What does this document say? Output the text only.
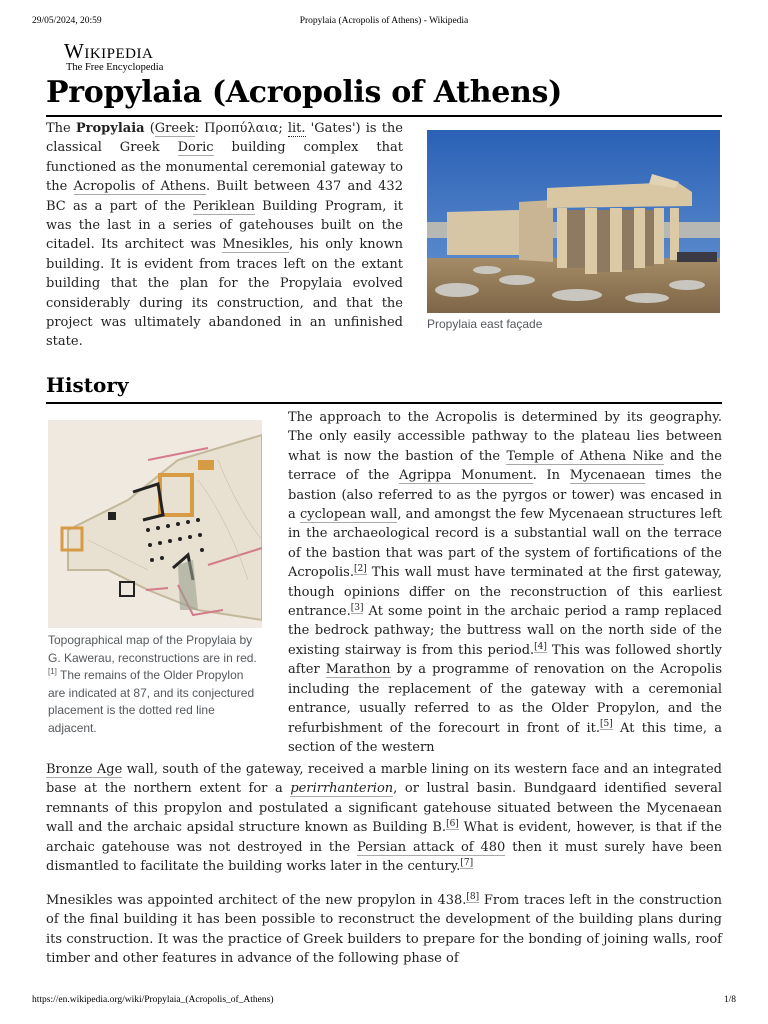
29/05/2024, 20:59	Propylaia (Acropolis of Athens) - Wikipedia
Wikipedia
The Free Encyclopedia
Propylaia (Acropolis of Athens)

The Propylaia (Greek: Προπύλαια; lit. 'Gates') is the classical Greek Doric building complex that functioned as the monumental ceremonial gateway to the Acropolis of Athens. Built between 437 and 432 BC as a part of the Periklean Building Program, it was the last in a series of gatehouses built on the citadel. Its architect was Mnesikles, his only known building. It is evident from traces left on the extant building that the plan for the Propylaia evolved considerably during its construction, and that the project was ultimately abandoned in an unfinished state.

Propylaia east façade
History
Topographical map of the Propylaia by G. Kawerau, reconstructions are in red.[1] The remains of the Older Propylon are indicated at 87, and its conjectured placement is the dotted red line adjacent.

The approach to the Acropolis is determined by its geography. The only easily accessible pathway to the plateau lies between what is now the bastion of the Temple of Athena Nike and the terrace of the Agrippa Monument. In Mycenaean times the bastion (also referred to as the pyrgos or tower) was encased in a cyclopean wall, and amongst the few Mycenaean structures left in the archaeological record is a substantial wall on the terrace of the bastion that was part of the system of fortifications of the Acropolis.[2] This wall must have terminated at the first gateway, though opinions differ on the reconstruction of this earliest entrance.[3] At some point in the archaic period a ramp replaced the bedrock pathway; the buttress wall on the north side of the existing stairway is from this period.[4] This was followed shortly after Marathon by a programme of renovation on the Acropolis including the replacement of the gateway with a ceremonial entrance, usually referred to as the Older Propylon, and the refurbishment of the forecourt in front of it.[5] At this time, a section of the western

Bronze Age wall, south of the gateway, received a marble lining on its western face and an integrated base at the northern extent for a perirrhanterion, or lustral basin. Bundgaard identified several remnants of this propylon and postulated a significant gatehouse situated between the Mycenaean wall and the archaic apsidal structure known as Building B.[6] What is evident, however, is that if the archaic gatehouse was not destroyed in the Persian attack of 480 then it must surely have been dismantled to facilitate the building works later in the century.[7]

Mnesikles was appointed architect of the new propylon in 438.[8] From traces left in the construction of the final building it has been possible to reconstruct the development of the building plans during its construction. It was the practice of Greek builders to prepare for the bonding of joining walls, roof timber and other features in advance of the following phase of

https://en.wikipedia.org/wiki/Propylaia_(Acropolis_of_Athens)	1/8
